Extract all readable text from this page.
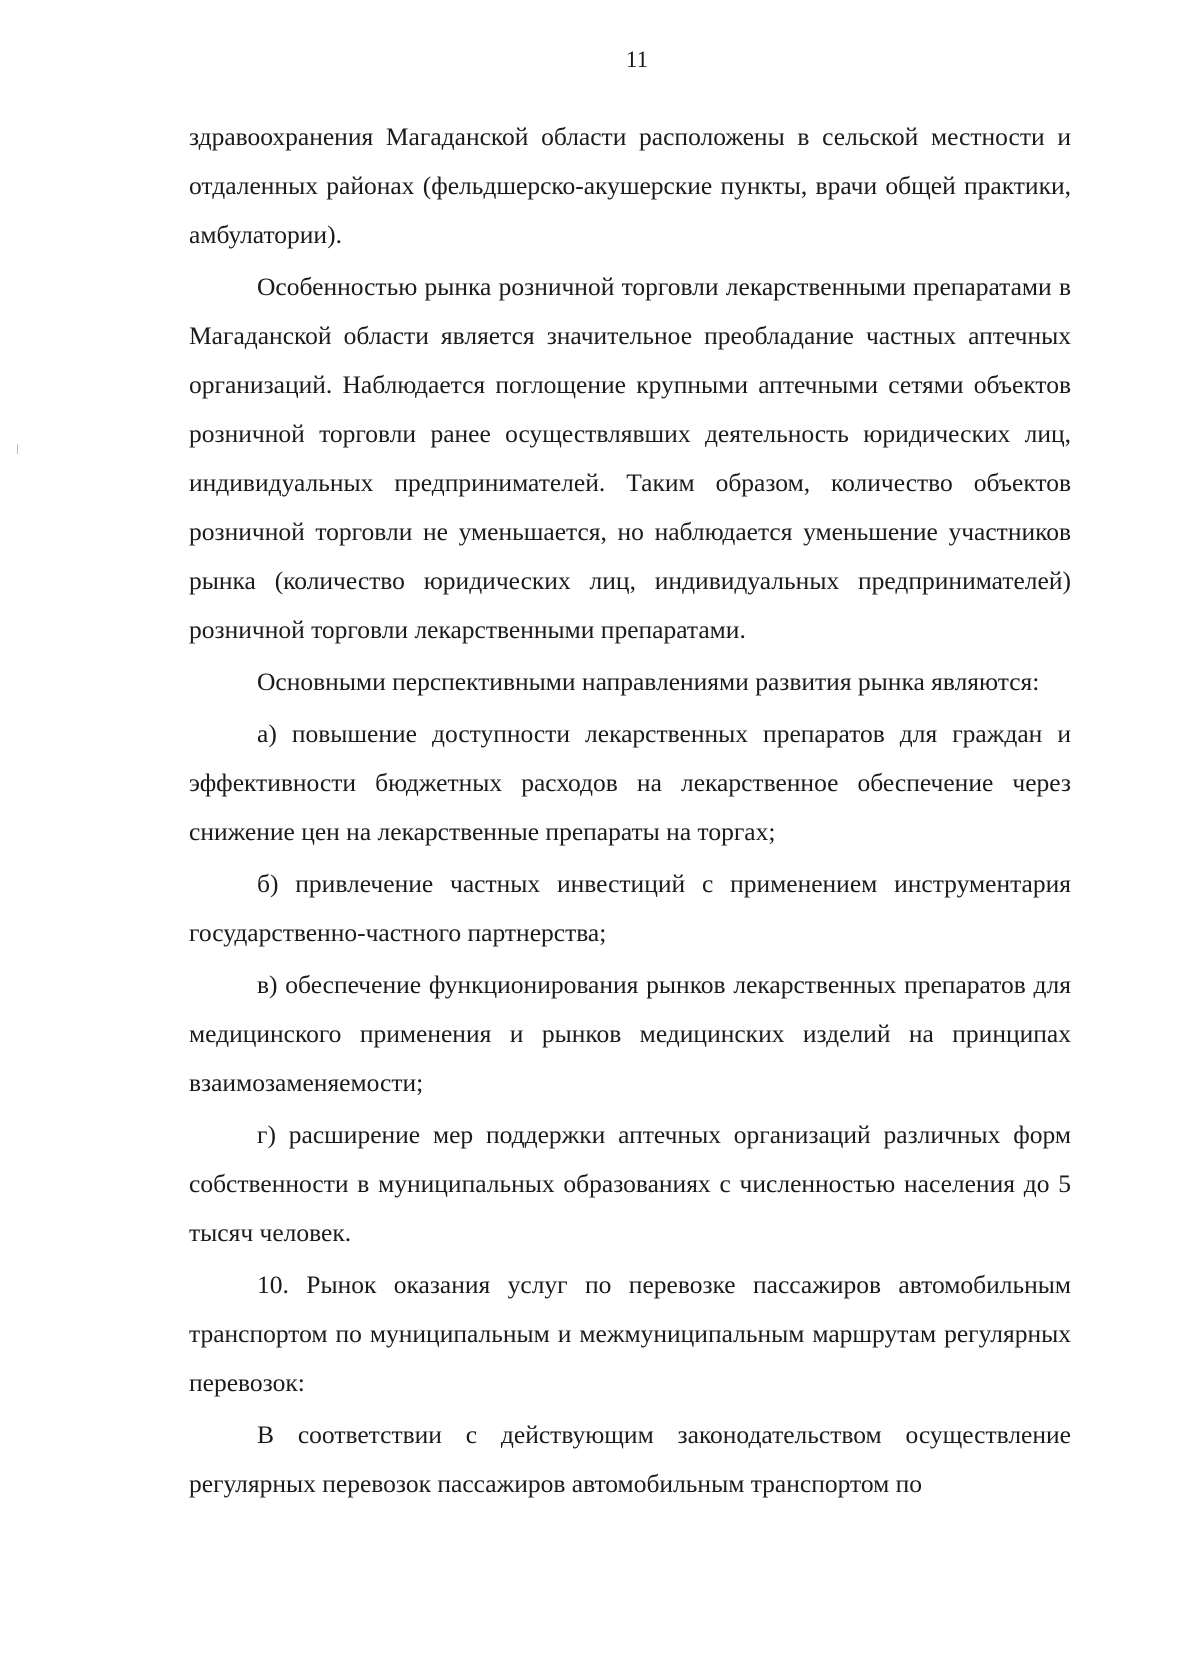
11

здравоохранения Магаданской области расположены в сельской местности и отдаленных районах (фельдшерско-акушерские пункты, врачи общей практики, амбулатории).

Особенностью рынка розничной торговли лекарственными препаратами в Магаданской области является значительное преобладание частных аптечных организаций. Наблюдается поглощение крупными аптечными сетями объектов розничной торговли ранее осуществлявших деятельность юридических лиц, индивидуальных предпринимателей. Таким образом, количество объектов розничной торговли не уменьшается, но наблюдается уменьшение участников рынка (количество юридических лиц, индивидуальных предпринимателей) розничной торговли лекарственными препаратами.

Основными перспективными направлениями развития рынка являются:

а) повышение доступности лекарственных препаратов для граждан и эффективности бюджетных расходов на лекарственное обеспечение через снижение цен на лекарственные препараты на торгах;

б) привлечение частных инвестиций с применением инструментария государственно-частного партнерства;

в) обеспечение функционирования рынков лекарственных препаратов для медицинского применения и рынков медицинских изделий на принципах взаимозаменяемости;

г) расширение мер поддержки аптечных организаций различных форм собственности в муниципальных образованиях с численностью населения до 5 тысяч человек.

10. Рынок оказания услуг по перевозке пассажиров автомобильным транспортом по муниципальным и межмуниципальным маршрутам регулярных перевозок:

В соответствии с действующим законодательством осуществление регулярных перевозок пассажиров автомобильным транспортом по
